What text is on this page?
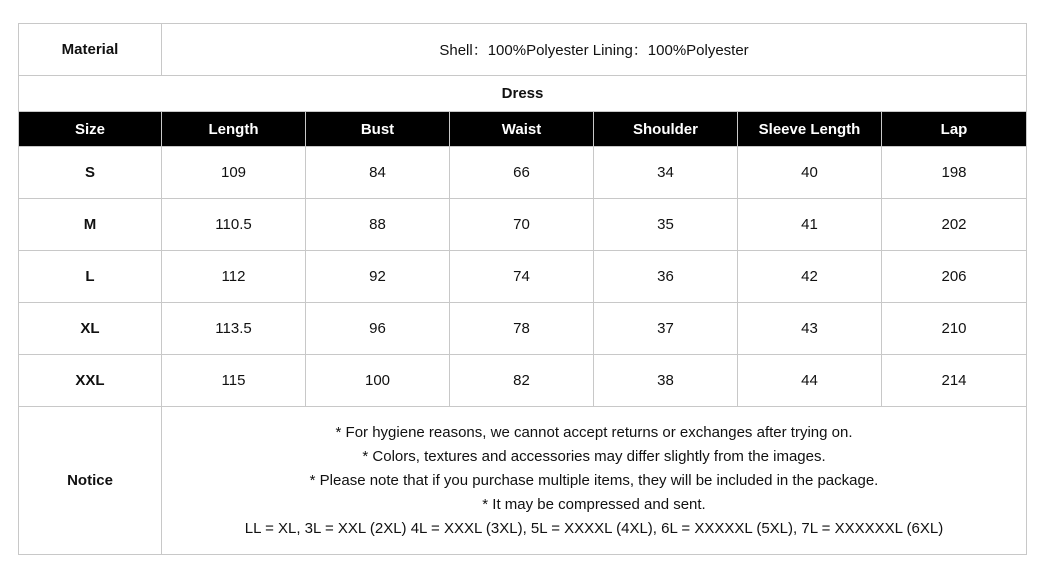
Material	Shell：100%Polyester Lining：100%Polyester					
Dress						
Size	Length	Bust	Waist	Shoulder	Sleeve Length	Lap
S	109	84	66	34	40	198
M	110.5	88	70	35	41	202
L	112	92	74	36	42	206
XL	113.5	96	78	37	43	210
XXL	115	100	82	38	44	214
Notice	* For hygiene reasons, we cannot accept returns or exchanges after trying on.
* Colors, textures and accessories may differ slightly from the images.
* Please note that if you purchase multiple items, they will be included in the package.
* It may be compressed and sent.
LL = XL, 3L = XXL (2XL) 4L = XXXL (3XL), 5L = XXXXL (4XL), 6L = XXXXXL (5XL), 7L = XXXXXXL (6XL)					
